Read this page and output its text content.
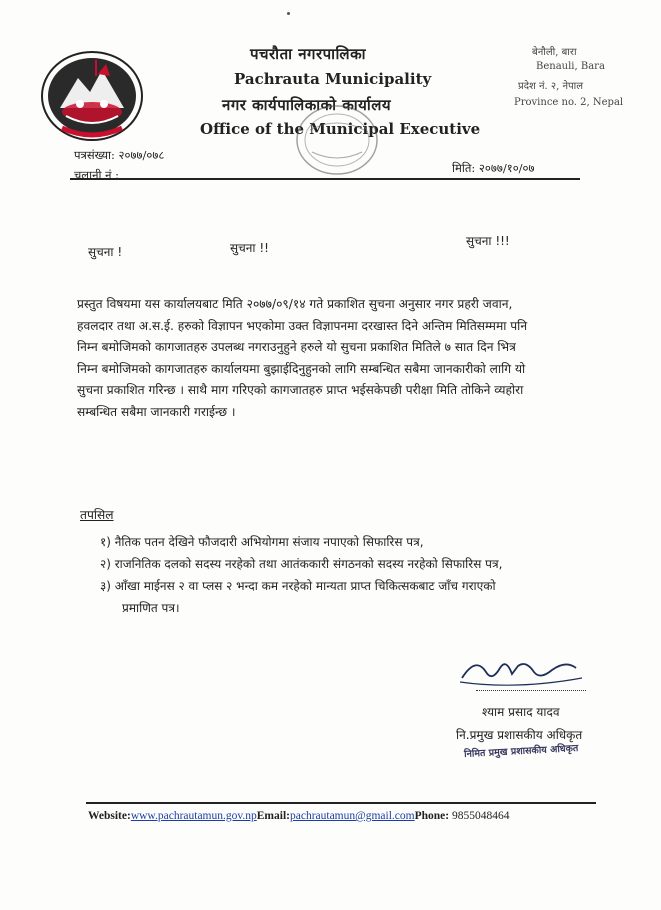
पचरौता नगरपालिका
Pachrauta Municipality
नगर कार्यपालिकाको कार्यालय
Office of the Municipal Executive
बेनौली, बारा
Benauli, Bara
प्रदेश नं. २, नेपाल
Province no. 2, Nepal
पत्रसंख्या: २०७७/०७८
चलानी नं :	मिति: २०७७/१०/०७
सुचना !	सुचना !!	सुचना !!!
प्रस्तुत विषयमा यस कार्यालयबाट मिति २०७७/०९/१४ गते प्रकाशित सुचना अनुसार नगर प्रहरी जवान,
हवलदार तथा अ.स.ई. हरुको विज्ञापन भएकोमा उक्त विज्ञापनमा दरखास्त दिने अन्तिम मितिसम्ममा पनि
निम्न बमोजिमको कागजातहरु उपलब्ध नगराउनुहुने हरुले यो सुचना प्रकाशित मितिले ७ सात दिन भित्र
निम्न बमोजिमको कागजातहरु कार्यालयमा बुझाईदिनुहुनको लागि सम्बन्धित सबैमा जानकारीको लागि यो
सुचना प्रकाशित गरिन्छ । साथै माग गरिएको कागजातहरु प्राप्त भईसकेपछी परीक्षा मिति तोकिने व्यहोरा
सम्बन्धित सबैमा जानकारी गराईन्छ ।
तपसिल
१) नैतिक पतन देखिने फौजदारी अभियोगमा संजाय नपाएको सिफारिस पत्र,
२) राजनितिक दलको सदस्य नरहेको तथा आतंककारी संगठनको सदस्य नरहेको सिफारिस पत्र,
३) आँखा माईनस २ वा प्लस २ भन्दा कम नरहेको मान्यता प्राप्त चिकित्सकबाट जाँच गराएको
प्रमाणित पत्र।
श्याम प्रसाद यादव
नि.प्रमुख प्रशासकीय अधिकृत
निमित प्रमुख प्रशासकीय अधिकृत
Website:www.pachrautamun.gov.npEmail:pachrautamun@gmail.comPhone: 9855048464
